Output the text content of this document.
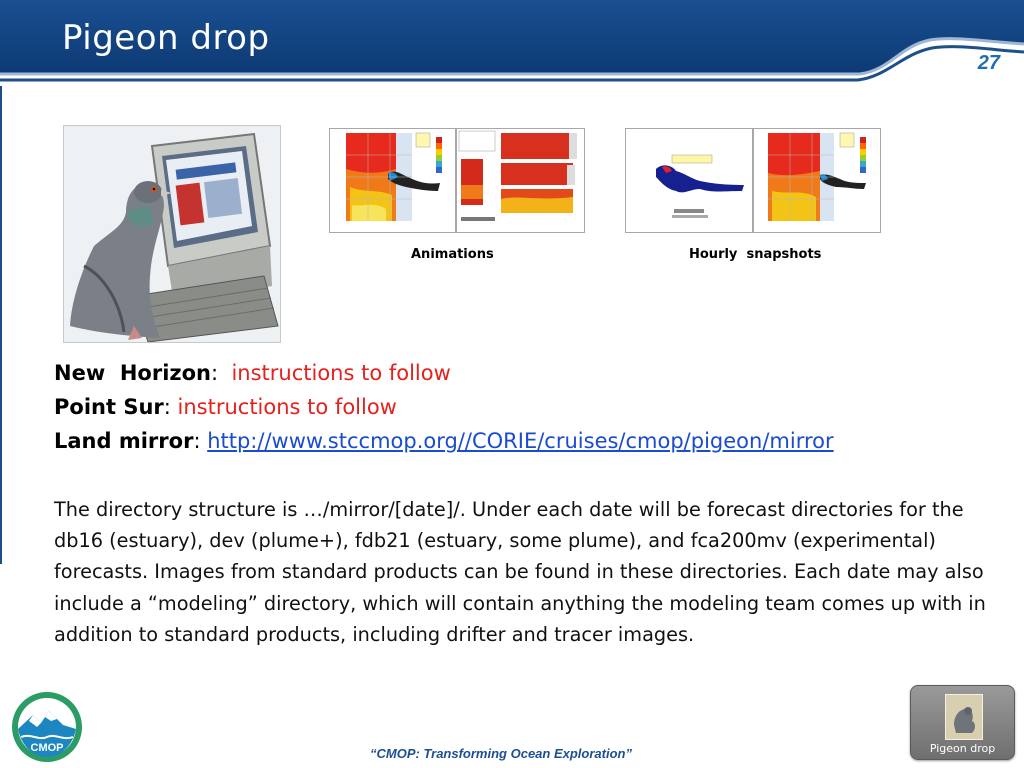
Pigeon drop
27
Animations	Hourly  snapshots
New  Horizon:  instructions to follow
Point Sur: instructions to follow
Land mirror: http://www.stccmop.org//CORIE/cruises/cmop/pigeon/mirror
The directory structure is …/mirror/[date]/. Under each date will be forecast directories for the db16 (estuary), dev (plume+), fdb21 (estuary, some plume), and fca200mv (experimental) forecasts. Images from standard products can be found in these directories. Each date may also include a “modeling” directory, which will contain anything the modeling team comes up with in addition to standard products, including drifter and tracer images.
CMOP	“CMOP: Transforming Ocean Exploration”	Pigeon drop
